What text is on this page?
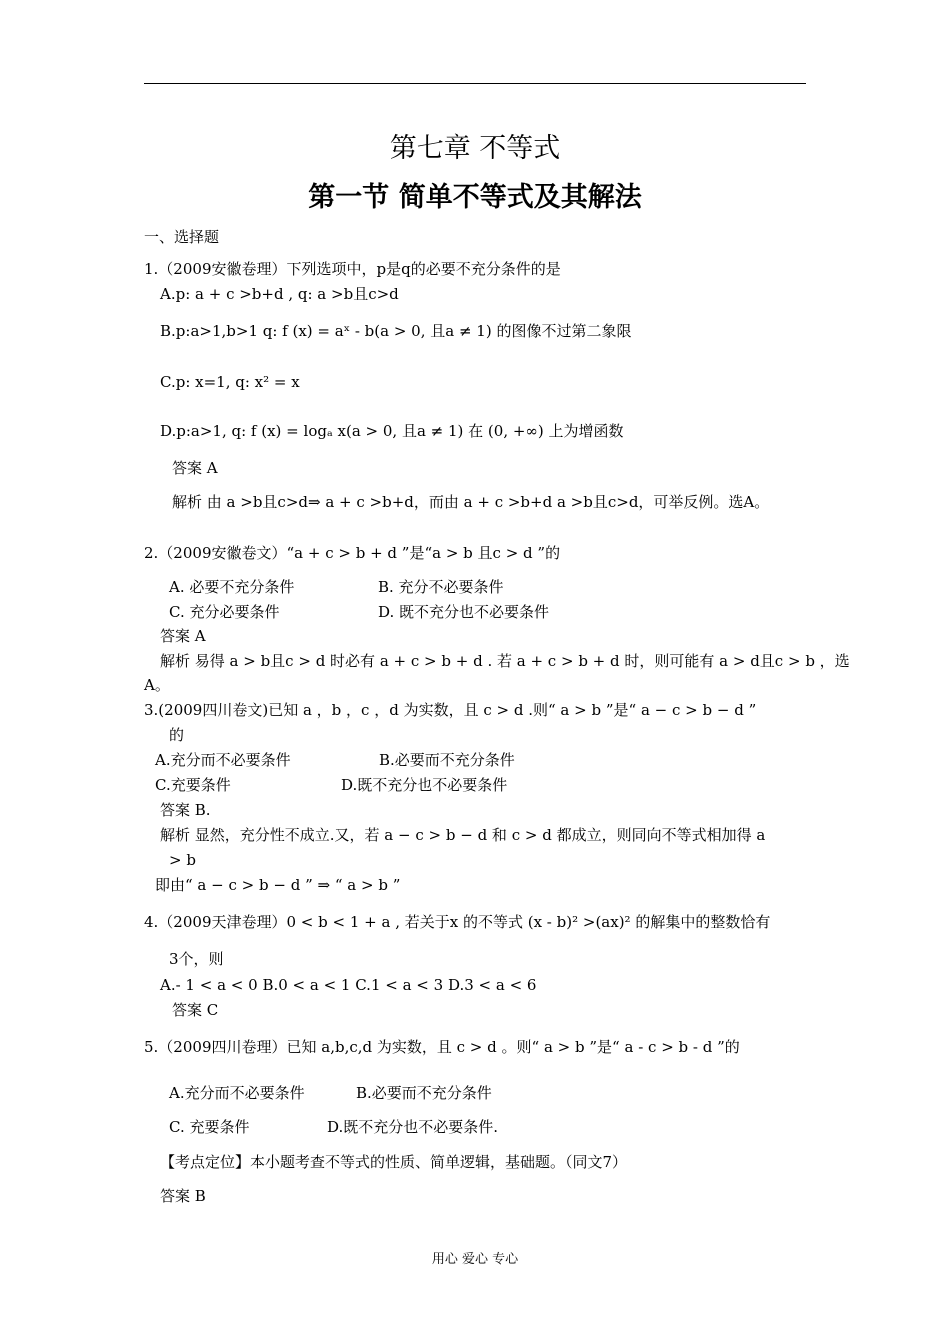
第七章 不等式
第一节 简单不等式及其解法
一、选择题
1.（2009安徽卷理）下列选项中，p是q的必要不充分条件的是
A.p: a + c >b+d , q: a >b且c>d
B.p:a>1,b>1 q: f (x) = aˣ - b(a > 0, 且a ≠ 1) 的图像不过第二象限
C.p: x=1, q: x² = x
D.p:a>1, q: f (x) = logₐ x(a > 0, 且a ≠ 1) 在 (0, +∞) 上为增函数
答案 A
解析 由 a >b且c>d⇒ a + c >b+d，而由 a + c >b+d a >b且c>d，可举反例。选A。
2.（2009安徽卷文）“a + c > b + d ”是“a > b 且c > d ”的
A. 必要不充分条件	B. 充分不必要条件
C. 充分必要条件	D. 既不充分也不必要条件
答案 A
解析 易得 a > b且c > d 时必有 a + c > b + d . 若 a + c > b + d 时，则可能有 a > d且c > b ，选
A。
3.(2009四川卷文)已知 a ，b ，c ，d 为实数，且 c > d .则“ a > b ”是“ a − c > b − d ”
的
A.充分而不必要条件	B.必要而不充分条件
C.充要条件	D.既不充分也不必要条件
答案 B.
解析 显然，充分性不成立.又，若 a − c > b − d 和 c > d 都成立，则同向不等式相加得 a
> b
即由“ a − c > b − d ” ⇒ “ a > b ”
4.（2009天津卷理）0 < b < 1 + a , 若关于x 的不等式 (x - b)² >(ax)² 的解集中的整数恰有
3个，则
A.- 1 < a < 0 B.0 < a < 1 C.1 < a < 3 D.3 < a < 6
答案 C
5.（2009四川卷理）已知 a,b,c,d 为实数，且 c > d 。则“ a > b ”是“ a - c > b - d ”的
A.充分而不必要条件	B.必要而不充分条件
C. 充要条件	D.既不充分也不必要条件.
【考点定位】本小题考查不等式的性质、简单逻辑，基础题。（同文7）
答案 B
用心 爱心 专心
